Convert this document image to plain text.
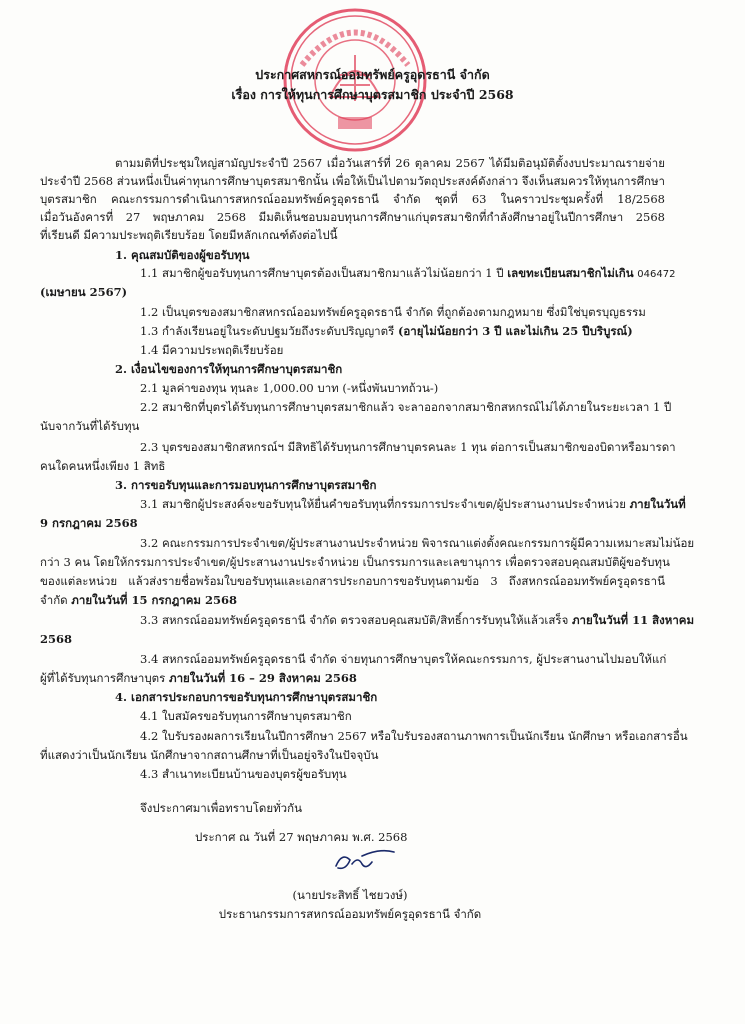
ประกาศสหกรณ์ออมทรัพย์ครูอุดรธานี จำกัด
เรื่อง การให้ทุนการศึกษาบุตรสมาชิก ประจำปี 2568
ตามมติที่ประชุมใหญ่สามัญประจำปี 2567 เมื่อวันเสาร์ที่ 26 ตุลาคม 2567 ได้มีมติอนุมัติตั้งงบประมาณรายจ่าย
ประจำปี 2568 ส่วนหนึ่งเป็นค่าทุนการศึกษาบุตรสมาชิกนั้น เพื่อให้เป็นไปตามวัตถุประสงค์ดังกล่าว จึงเห็นสมควรให้ทุนการศึกษา
บุตรสมาชิก คณะกรรมการดำเนินการสหกรณ์ออมทรัพย์ครูอุดรธานี จำกัด ชุดที่ 63 ในคราวประชุมครั้งที่ 18/2568
เมื่อวันอังคารที่ 27 พฤษภาคม 2568 มีมติเห็นชอบมอบทุนการศึกษาแก่บุตรสมาชิกที่กำลังศึกษาอยู่ในปีการศึกษา 2568
ที่เรียนดี มีความประพฤติเรียบร้อย โดยมีหลักเกณฑ์ดังต่อไปนี้
1. คุณสมบัติของผู้ขอรับทุน
1.1 สมาชิกผู้ขอรับทุนการศึกษาบุตรต้องเป็นสมาชิกมาแล้วไม่น้อยกว่า 1 ปี เลขทะเบียนสมาชิกไม่เกิน 046472
(เมษายน 2567)
1.2 เป็นบุตรของสมาชิกสหกรณ์ออมทรัพย์ครูอุดรธานี จำกัด ที่ถูกต้องตามกฎหมาย ซึ่งมิใช่บุตรบุญธรรม
1.3 กำลังเรียนอยู่ในระดับปฐมวัยถึงระดับปริญญาตรี (อายุไม่น้อยกว่า 3 ปี และไม่เกิน 25 ปีบริบูรณ์)
1.4 มีความประพฤติเรียบร้อย
2. เงื่อนไขของการให้ทุนการศึกษาบุตรสมาชิก
2.1 มูลค่าของทุน ทุนละ 1,000.00 บาท (-หนึ่งพันบาทถ้วน-)
2.2 สมาชิกที่บุตรได้รับทุนการศึกษาบุตรสมาชิกแล้ว จะลาออกจากสมาชิกสหกรณ์ไม่ได้ภายในระยะเวลา 1 ปี
นับจากวันที่ได้รับทุน
2.3 บุตรของสมาชิกสหกรณ์ฯ มีสิทธิได้รับทุนการศึกษาบุตรคนละ 1 ทุน ต่อการเป็นสมาชิกของบิดาหรือมารดา
คนใดคนหนึ่งเพียง 1 สิทธิ
3. การขอรับทุนและการมอบทุนการศึกษาบุตรสมาชิก
3.1 สมาชิกผู้ประสงค์จะขอรับทุนให้ยื่นคำขอรับทุนที่กรรมการประจำเขต/ผู้ประสานงานประจำหน่วย ภายในวันที่
9 กรกฎาคม 2568
3.2 คณะกรรมการประจำเขต/ผู้ประสานงานประจำหน่วย พิจารณาแต่งตั้งคณะกรรมการผู้มีความเหมาะสมไม่น้อย
กว่า 3 คน โดยให้กรรมการประจำเขต/ผู้ประสานงานประจำหน่วย เป็นกรรมการและเลขานุการ เพื่อตรวจสอบคุณสมบัติผู้ขอรับทุน
ของแต่ละหน่วย แล้วส่งรายชื่อพร้อมใบขอรับทุนและเอกสารประกอบการขอรับทุนตามข้อ 3 ถึงสหกรณ์ออมทรัพย์ครูอุดรธานี
จำกัด ภายในวันที่ 15 กรกฎาคม 2568
3.3 สหกรณ์ออมทรัพย์ครูอุดรธานี จำกัด ตรวจสอบคุณสมบัติ/สิทธิ์การรับทุนให้แล้วเสร็จ ภายในวันที่ 11 สิงหาคม
2568
3.4 สหกรณ์ออมทรัพย์ครูอุดรธานี จำกัด จ่ายทุนการศึกษาบุตรให้คณะกรรมการ, ผู้ประสานงานไปมอบให้แก่
ผู้ที่ได้รับทุนการศึกษาบุตร ภายในวันที่ 16 – 29 สิงหาคม 2568
4. เอกสารประกอบการขอรับทุนการศึกษาบุตรสมาชิก
4.1 ใบสมัครขอรับทุนการศึกษาบุตรสมาชิก
4.2 ใบรับรองผลการเรียนในปีการศึกษา 2567 หรือใบรับรองสถานภาพการเป็นนักเรียน นักศึกษา หรือเอกสารอื่น
ที่แสดงว่าเป็นนักเรียน นักศึกษาจากสถานศึกษาที่เป็นอยู่จริงในปัจจุบัน
4.3 สำเนาทะเบียนบ้านของบุตรผู้ขอรับทุน
จึงประกาศมาเพื่อทราบโดยทั่วกัน
ประกาศ ณ วันที่ 27 พฤษภาคม พ.ศ. 2568
(นายประสิทธิ์ ไชยวงษ์)
ประธานกรรมการสหกรณ์ออมทรัพย์ครูอุดรธานี จำกัด
